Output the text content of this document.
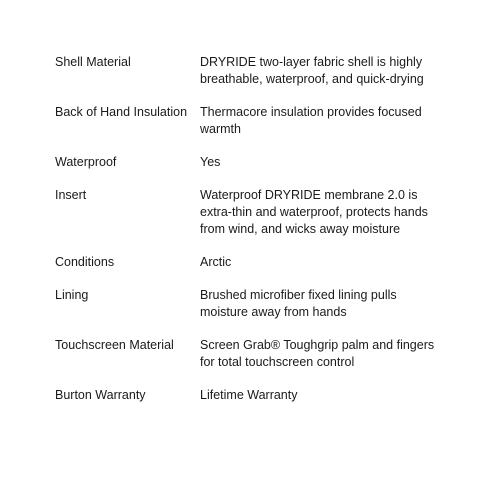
Shell Material	DRYRIDE two-layer fabric shell is highly
breathable, waterproof, and quick-drying
Back of Hand Insulation	Thermacore insulation provides focused
warmth
Waterproof	Yes
Insert	Waterproof DRYRIDE membrane 2.0 is
extra-thin and waterproof, protects hands
from wind, and wicks away moisture
Conditions	Arctic
Lining	Brushed microfiber fixed lining pulls
moisture away from hands
Touchscreen Material	Screen Grab® Toughgrip palm and fingers
for total touchscreen control
Burton Warranty	Lifetime Warranty
